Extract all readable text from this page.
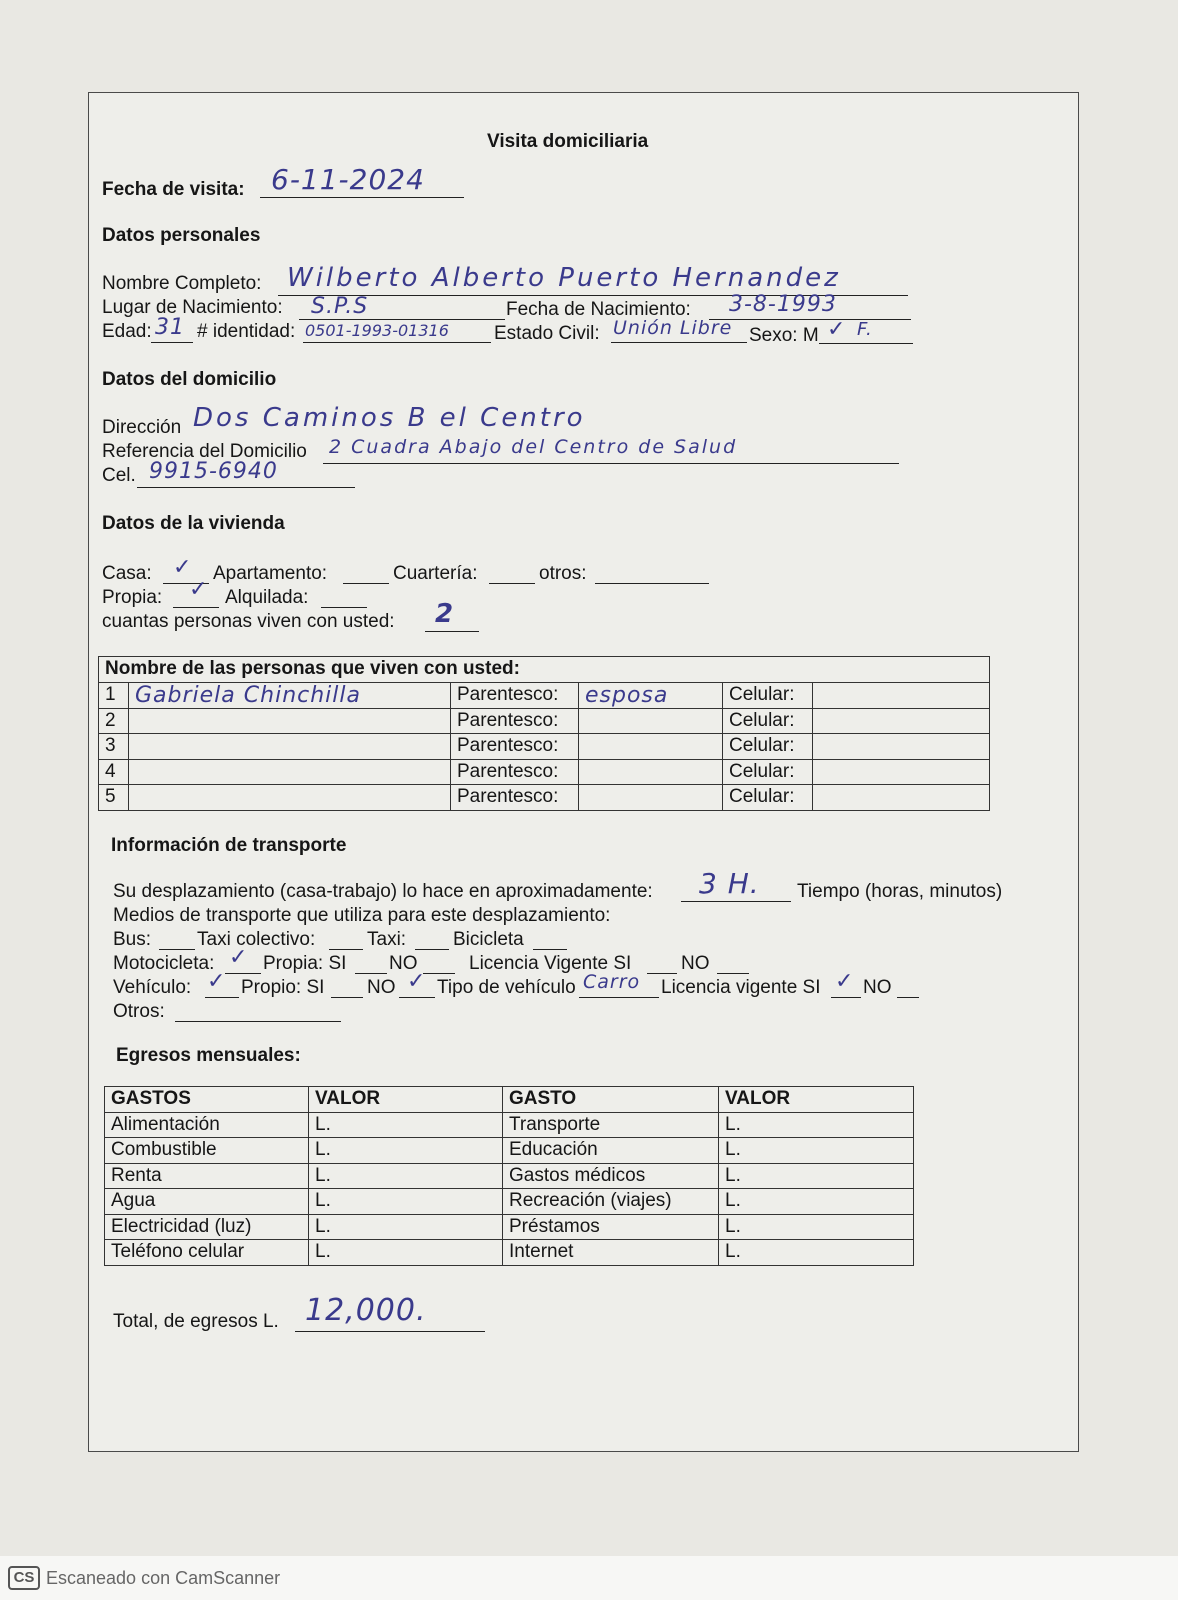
Visita domiciliaria
Fecha de visita: 6-11-2024
Datos personales
Nombre Completo: Wilberto Alberto Puerto Hernandez
Lugar de Nacimiento: S.P.S	Fecha de Nacimiento: 3-8-1993
Edad: 31 # identidad: 0501-1993-01316 Estado Civil: Unión Libre Sexo: M ✓ F.
Datos del domicilio
Dirección Dos Caminos B el Centro
Referencia del Domicilio 2 Cuadra Abajo del Centro de Salud
Cel. 9915-6940
Datos de la vivienda
Casa: ✓ Apartamento:	Cuartería:	otros:
Propia: ✓ Alquilada:
cuantas personas viven con usted: 2
Nombre de las personas que viven con usted:					
1	Gabriela Chinchilla	Parentesco:	esposa	Celular:	
2		Parentesco:		Celular:	
3		Parentesco:		Celular:	
4		Parentesco:		Celular:	
5		Parentesco:		Celular:	
Información de transporte
Su desplazamiento (casa-trabajo) lo hace en aproximadamente: 3 H. Tiempo (horas, minutos)
Medios de transporte que utiliza para este desplazamiento:
Bus: Taxi colectivo:	Taxi: Bicicleta
Motocicleta: ✓ Propia: SI NO	Licencia Vigente SI	NO
Vehículo: ✓ Propio: SI NO ✓ Tipo de vehículo Carro Licencia vigente SI ✓ NO
Otros:
Egresos mensuales:
GASTOS	VALOR	GASTO	VALOR
Alimentación	L.	Transporte	L.
Combustible	L.	Educación	L.
Renta	L.	Gastos médicos	L.
Agua	L.	Recreación (viajes)	L.
Electricidad (luz)	L.	Préstamos	L.
Teléfono celular	L.	Internet	L.
Total, de egresos L. 12,000.
CS Escaneado con CamScanner
